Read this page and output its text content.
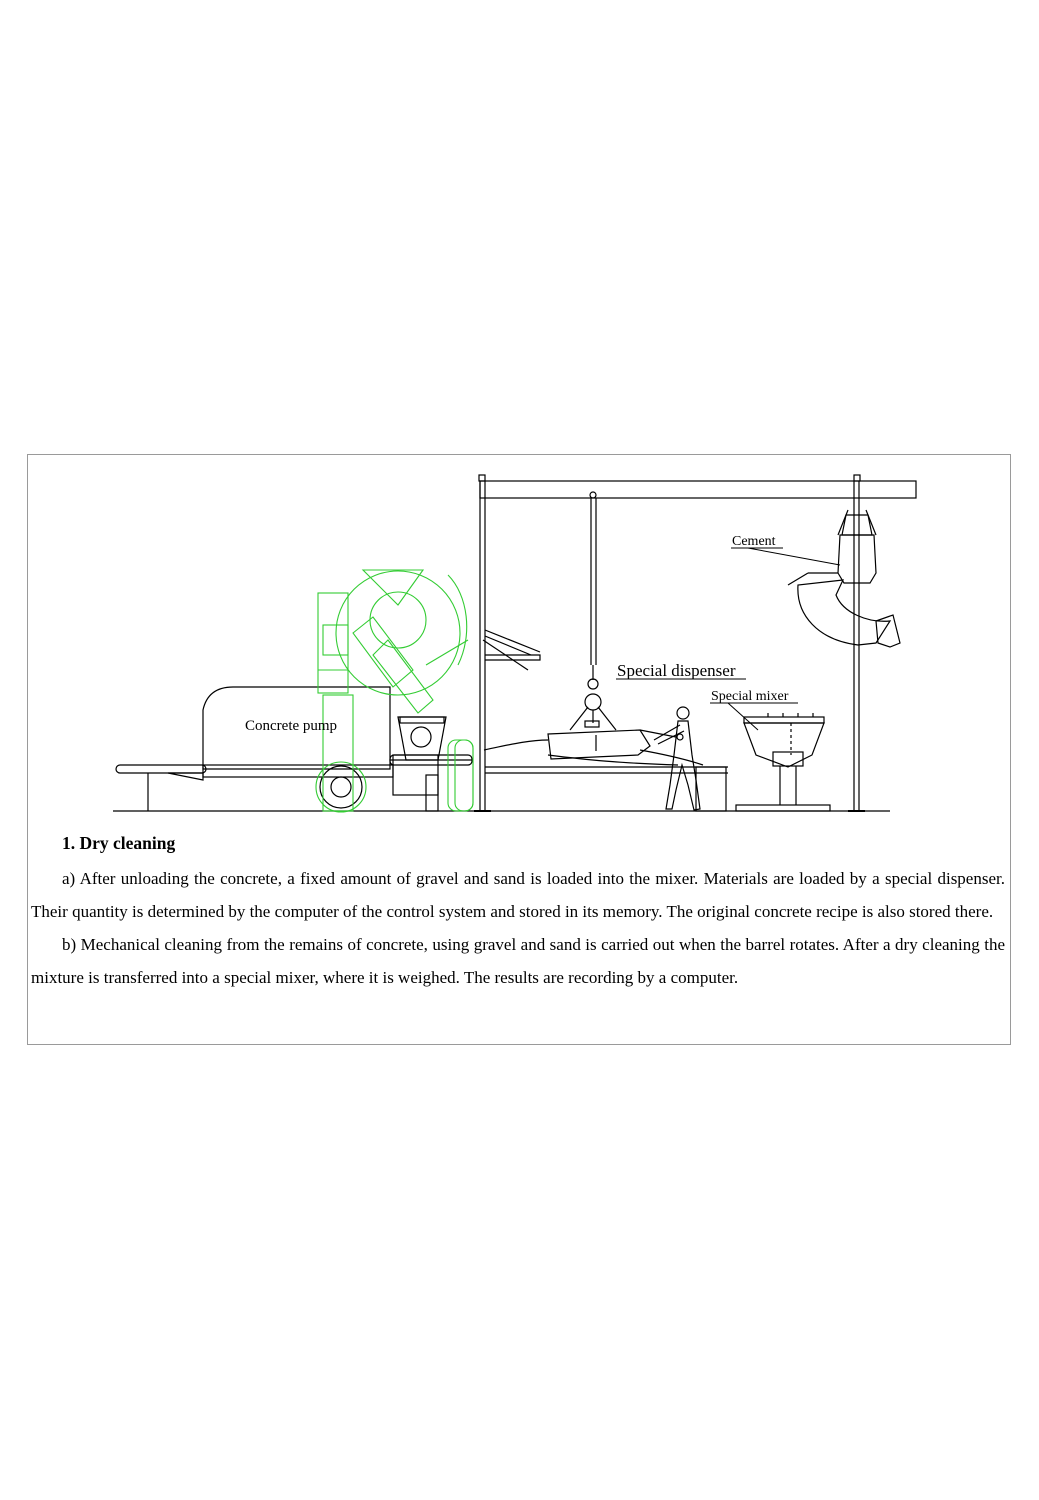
Concrete pump
Special dispenser
Special mixer
Cement
1. Dry cleaning

a) After unloading the concrete, a fixed amount of gravel and sand is loaded into the mixer. Materials are loaded by a special dispenser. Their quantity is determined by the computer of the control system and stored in its memory. The original concrete recipe is also stored there.

b) Mechanical cleaning from the remains of concrete, using gravel and sand is carried out when the barrel rotates. After a dry cleaning the mixture is transferred into a special mixer, where it is weighed. The results are recording by a computer.
